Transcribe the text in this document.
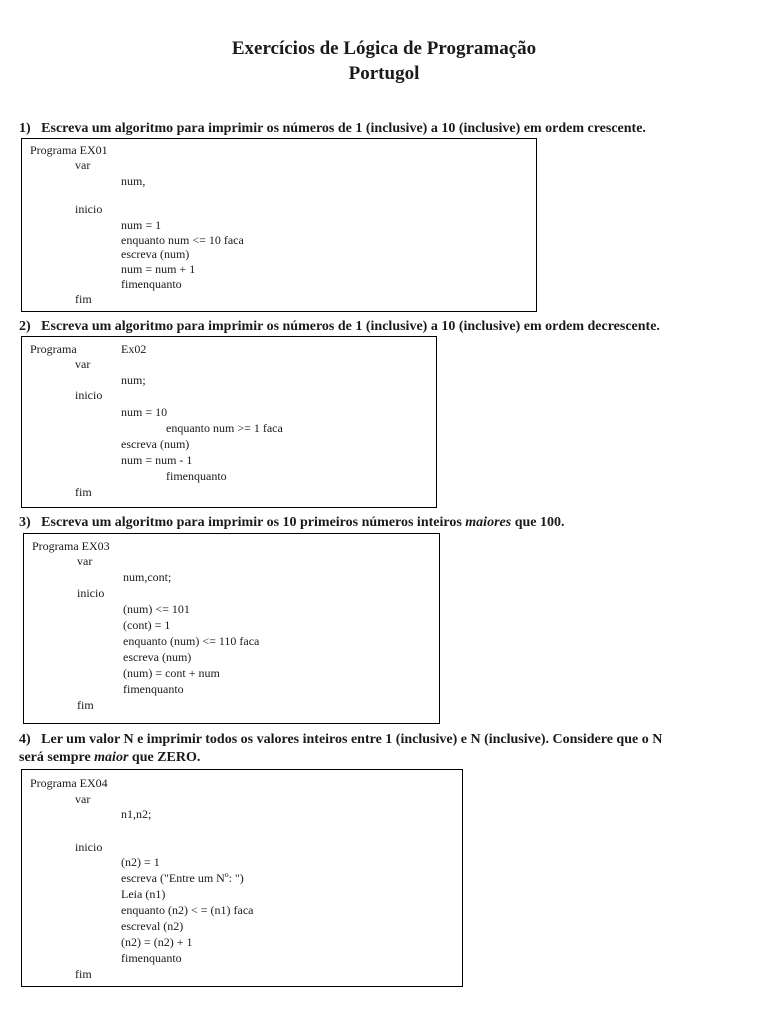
Exercícios de Lógica de Programação
Portugol
1) Escreva um algoritmo para imprimir os números de 1 (inclusive) a 10 (inclusive) em ordem crescente.
Programa EX01
var
num,
inicio
num = 1
enquanto num <= 10 faca
escreva (num)
num = num + 1
fimenquanto
fim
2) Escreva um algoritmo para imprimir os números de 1 (inclusive) a 10 (inclusive) em ordem decrescente.
Programa	Ex02
var
num;
inicio
num = 10
enquanto num >= 1 faca
escreva (num)
num = num - 1
fimenquanto
fim
3) Escreva um algoritmo para imprimir os 10 primeiros números inteiros maiores que 100.
Programa EX03
var
num,cont;
inicio
(num) <= 101
(cont) = 1
enquanto (num) <= 110 faca
escreva (num)
(num) = cont + num
fimenquanto
fim
4) Ler um valor N e imprimir todos os valores inteiros entre 1 (inclusive) e N (inclusive). Considere que o N
será sempre maior que ZERO.
Programa EX04
var
n1,n2;
inicio
(n2) = 1
escreva ("Entre um Nº: ")
Leia (n1)
enquanto (n2) < = (n1) faca
escreval (n2)
(n2) = (n2) + 1
fimenquanto
fim
